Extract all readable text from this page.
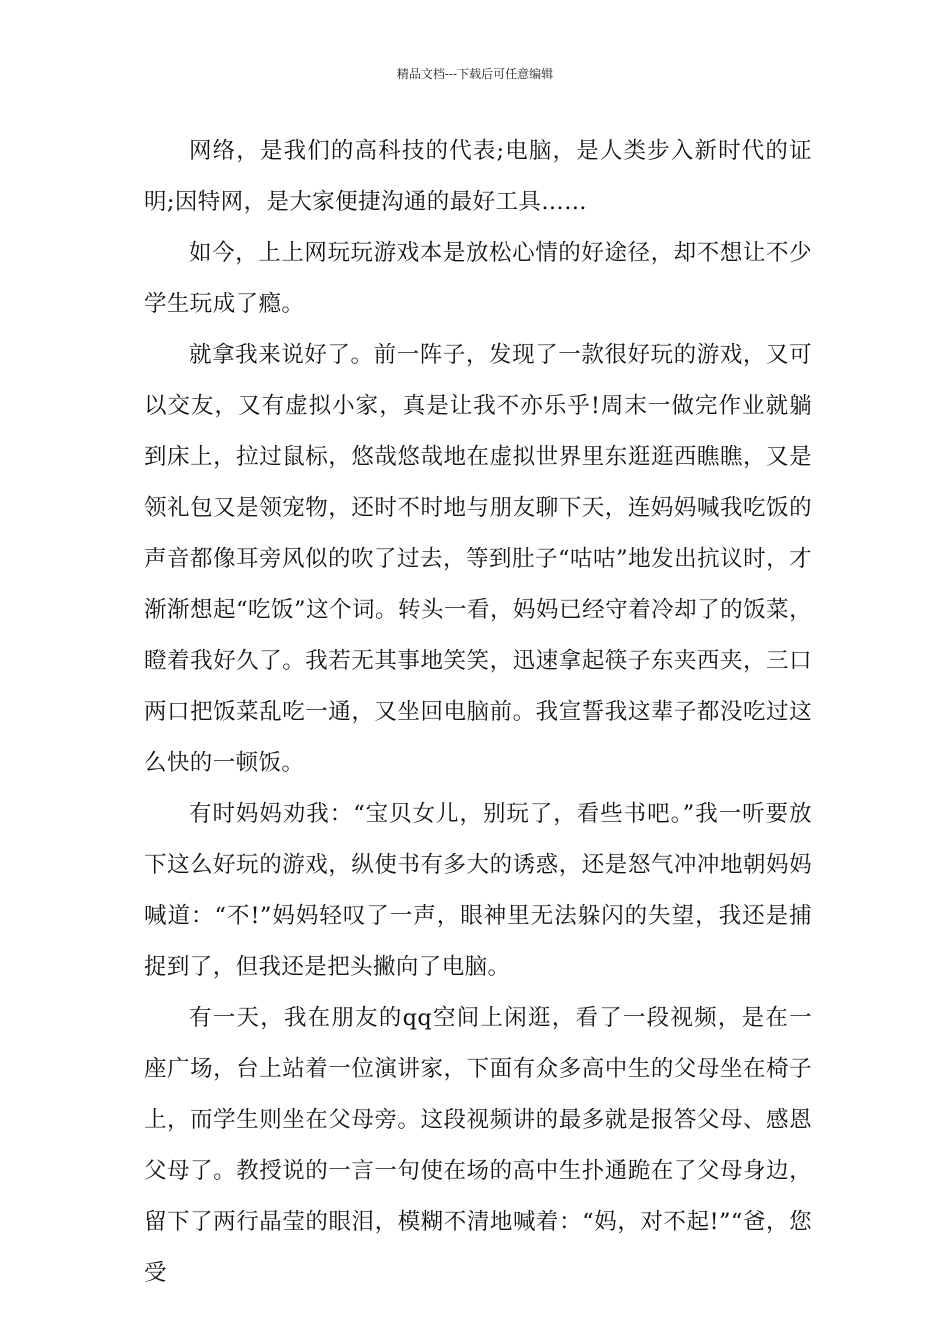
精品文档---下载后可任意编辑

网络，是我们的高科技的代表;电脑，是人类步入新时代的证明;因特网，是大家便捷沟通的最好工具……

如今，上上网玩玩游戏本是放松心情的好途径，却不想让不少学生玩成了瘾。

就拿我来说好了。前一阵子，发现了一款很好玩的游戏，又可以交友，又有虚拟小家，真是让我不亦乐乎!周末一做完作业就躺到床上，拉过鼠标，悠哉悠哉地在虚拟世界里东逛逛西瞧瞧，又是领礼包又是领宠物，还时不时地与朋友聊下天，连妈妈喊我吃饭的声音都像耳旁风似的吹了过去，等到肚子“咕咕”地发出抗议时，才渐渐想起“吃饭”这个词。转头一看，妈妈已经守着冷却了的饭菜，瞪着我好久了。我若无其事地笑笑，迅速拿起筷子东夹西夹，三口两口把饭菜乱吃一通，又坐回电脑前。我宣誓我这辈子都没吃过这么快的一顿饭。

有时妈妈劝我：“宝贝女儿，别玩了，看些书吧。”我一听要放下这么好玩的游戏，纵使书有多大的诱惑，还是怒气冲冲地朝妈妈喊道：“不!”妈妈轻叹了一声，眼神里无法躲闪的失望，我还是捕捉到了，但我还是把头撇向了电脑。

有一天，我在朋友的qq空间上闲逛，看了一段视频，是在一座广场，台上站着一位演讲家，下面有众多高中生的父母坐在椅子上，而学生则坐在父母旁。这段视频讲的最多就是报答父母、感恩父母了。教授说的一言一句使在场的高中生扑通跪在了父母身边，留下了两行晶莹的眼泪，模糊不清地喊着：“妈，对不起!”“爸，您受
